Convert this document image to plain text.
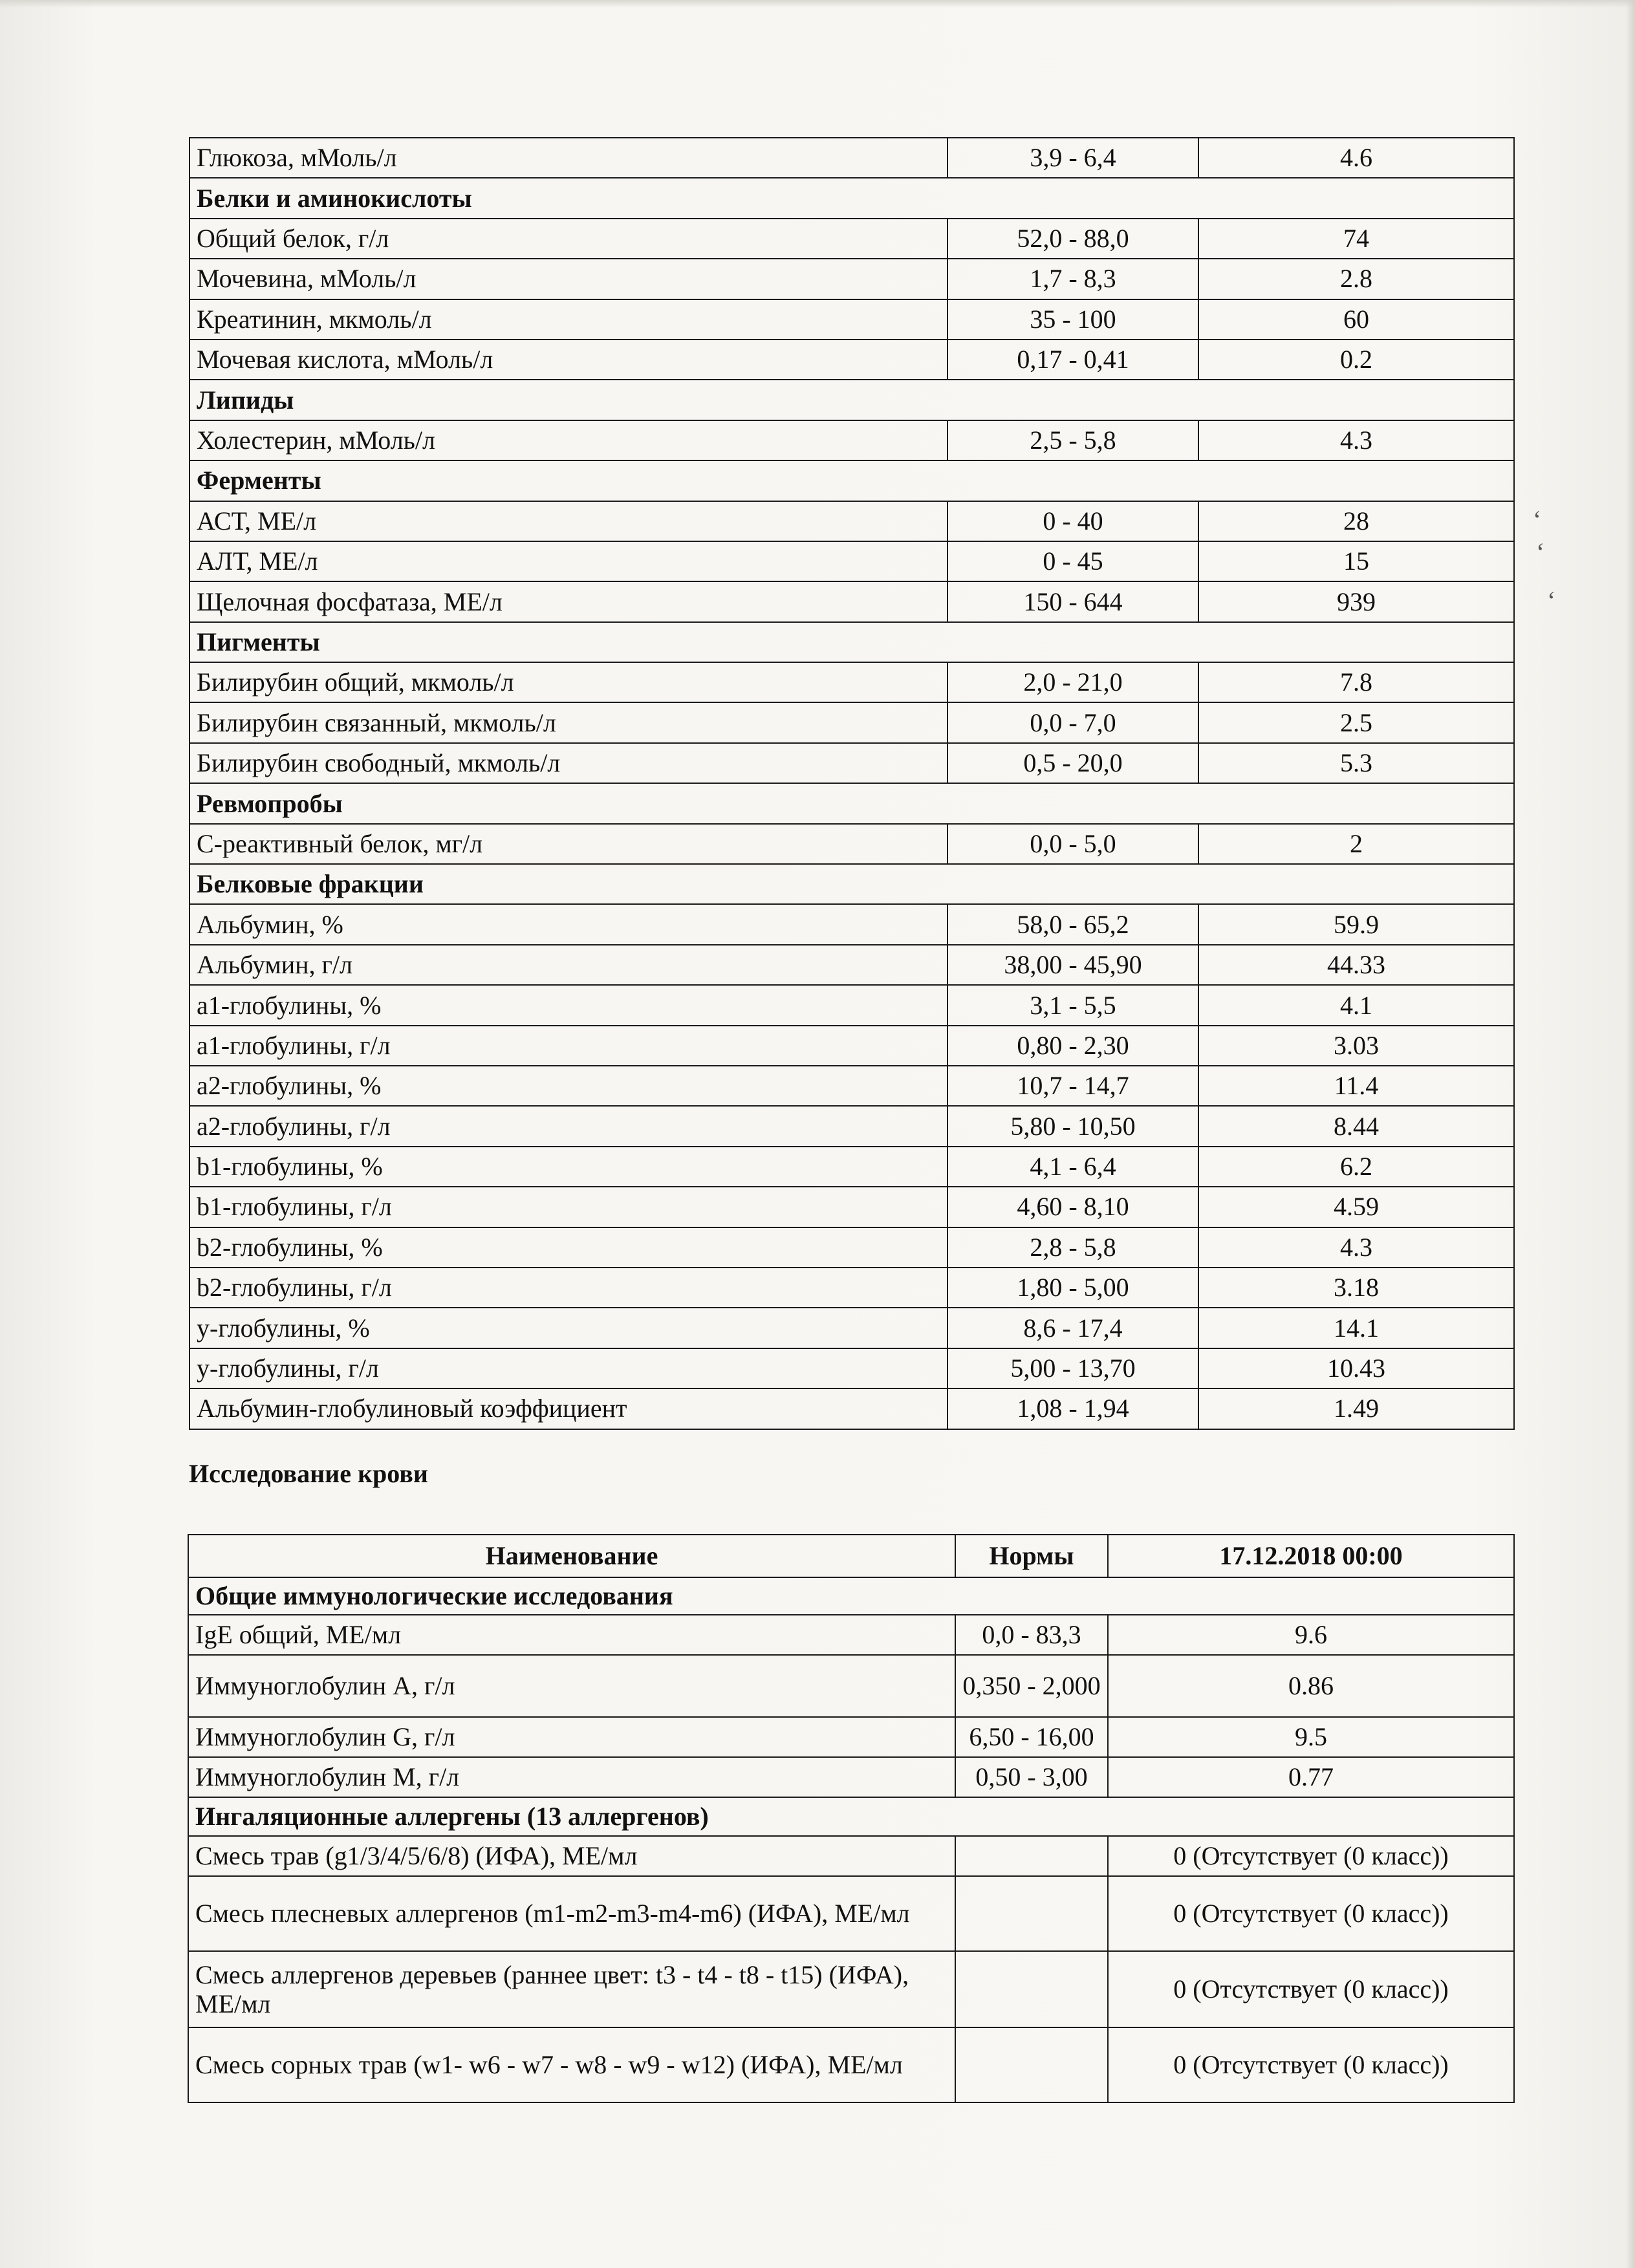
‘
‘
‘
Глюкоза, мМоль/л	3,9 - 6,4	4.6
Белки и аминокислоты		
Общий белок, г/л	52,0 - 88,0	74
Мочевина, мМоль/л	1,7 - 8,3	2.8
Креатинин, мкмоль/л	35 - 100	60
Мочевая кислота, мМоль/л	0,17 - 0,41	0.2
Липиды		
Холестерин, мМоль/л	2,5 - 5,8	4.3
Ферменты		
АСТ, МЕ/л	0 - 40	28
АЛТ, МЕ/л	0 - 45	15
Щелочная фосфатаза, МЕ/л	150 - 644	939
Пигменты		
Билирубин общий, мкмоль/л	2,0 - 21,0	7.8
Билирубин связанный, мкмоль/л	0,0 - 7,0	2.5
Билирубин свободный, мкмоль/л	0,5 - 20,0	5.3
Ревмопробы		
С-реактивный белок, мг/л	0,0 - 5,0	2
Белковые фракции		
Альбумин, %	58,0 - 65,2	59.9
Альбумин, г/л	38,00 - 45,90	44.33
a1-глобулины, %	3,1 - 5,5	4.1
a1-глобулины, г/л	0,80 - 2,30	3.03
a2-глобулины, %	10,7 - 14,7	11.4
a2-глобулины, г/л	5,80 - 10,50	8.44
b1-глобулины, %	4,1 - 6,4	6.2
b1-глобулины, г/л	4,60 - 8,10	4.59
b2-глобулины, %	2,8 - 5,8	4.3
b2-глобулины, г/л	1,80 - 5,00	3.18
y-глобулины, %	8,6 - 17,4	14.1
y-глобулины, г/л	5,00 - 13,70	10.43
Альбумин-глобулиновый коэффициент	1,08 - 1,94	1.49
Исследование крови
Наименование	Нормы	17.12.2018 00:00
Общие иммунологические исследования		
IgE общий, МЕ/мл	0,0 - 83,3	9.6
Иммуноглобулин A, г/л	0,350 - 2,000	0.86
Иммуноглобулин G, г/л	6,50 - 16,00	9.5
Иммуноглобулин M, г/л	0,50 - 3,00	0.77
Ингаляционные аллергены (13 аллергенов)		
Смесь трав (g1/3/4/5/6/8) (ИФА), МЕ/мл		0 (Отсутствует (0 класс))
Смесь плесневых аллергенов (m1-m2-m3-m4-m6) (ИФА), МЕ/мл		0 (Отсутствует (0 класс))
Смесь аллергенов деревьев (раннее цвет: t3 - t4 - t8 - t15) (ИФА), МЕ/мл		0 (Отсутствует (0 класс))
Смесь сорных трав (w1- w6 - w7 - w8 - w9 - w12) (ИФА), МЕ/мл		0 (Отсутствует (0 класс))
